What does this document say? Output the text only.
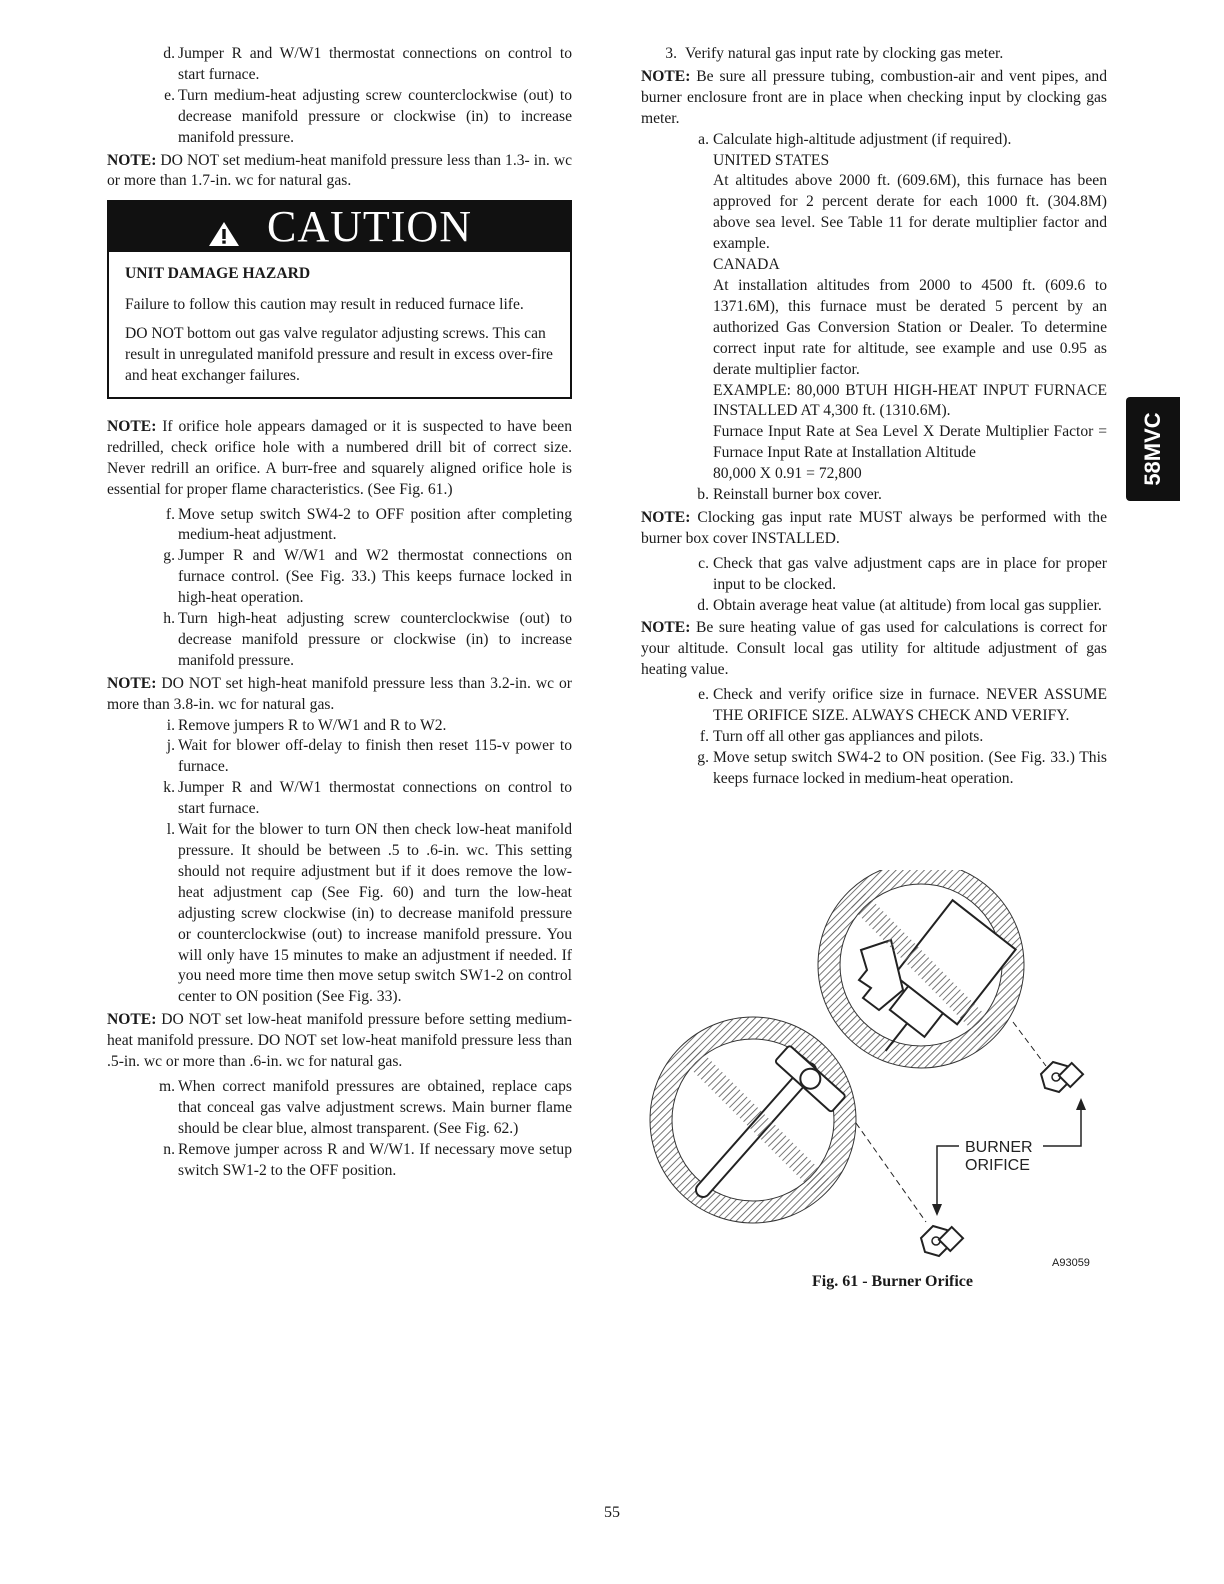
d. Jumper R and W/W1 thermostat connections on control to start furnace.
e. Turn medium-heat adjusting screw counterclockwise (out) to decrease manifold pressure or clockwise (in) to increase manifold pressure.
NOTE: DO NOT set medium-heat manifold pressure less than 1.3- in. wc or more than 1.7-in. wc for natural gas.
CAUTION

UNIT DAMAGE HAZARD

Failure to follow this caution may result in reduced furnace life.

DO NOT bottom out gas valve regulator adjusting screws. This can result in unregulated manifold pressure and result in excess over-fire and heat exchanger failures.

NOTE: If orifice hole appears damaged or it is suspected to have been redrilled, check orifice hole with a numbered drill bit of correct size. Never redrill an orifice. A burr-free and squarely aligned orifice hole is essential for proper flame characteristics. (See Fig. 61.)
f. Move setup switch SW4-2 to OFF position after completing medium-heat adjustment.
g. Jumper R and W/W1 and W2 thermostat connections on furnace control. (See Fig. 33.) This keeps furnace locked in high-heat operation.
h. Turn high-heat adjusting screw counterclockwise (out) to decrease manifold pressure or clockwise (in) to increase manifold pressure.
NOTE: DO NOT set high-heat manifold pressure less than 3.2-in. wc or more than 3.8-in. wc for natural gas.
i. Remove jumpers R to W/W1 and R to W2.
j. Wait for blower off-delay to finish then reset 115-v power to furnace.
k. Jumper R and W/W1 thermostat connections on control to start furnace.
l. Wait for the blower to turn ON then check low-heat manifold pressure. It should be between .5 to .6-in. wc. This setting should not require adjustment but if it does remove the low-heat adjustment cap (See Fig. 60) and turn the low-heat adjusting screw clockwise (in) to decrease manifold pressure or counterclockwise (out) to increase manifold pressure. You will only have 15 minutes to make an adjustment if needed. If you need more time then move setup switch SW1-2 on control center to ON position (See Fig. 33).
NOTE: DO NOT set low-heat manifold pressure before setting medium-heat manifold pressure. DO NOT set low-heat manifold pressure less than .5-in. wc or more than .6-in. wc for natural gas.
m. When correct manifold pressures are obtained, replace caps that conceal gas valve adjustment screws. Main burner flame should be clear blue, almost transparent. (See Fig. 62.)
n. Remove jumper across R and W/W1. If necessary move setup switch SW1-2 to the OFF position.
3. Verify natural gas input rate by clocking gas meter.
NOTE: Be sure all pressure tubing, combustion-air and vent pipes, and burner enclosure front are in place when checking input by clocking gas meter.
a. Calculate high-altitude adjustment (if required).
UNITED STATES
At altitudes above 2000 ft. (609.6M), this furnace has been approved for 2 percent derate for each 1000 ft. (304.8M) above sea level. See Table 11 for derate multiplier factor and example.
CANADA
At installation altitudes from 2000 to 4500 ft. (609.6 to 1371.6M), this furnace must be derated 5 percent by an authorized Gas Conversion Station or Dealer. To determine correct input rate for altitude, see example and use 0.95 as derate multiplier factor.
EXAMPLE: 80,000 BTUH HIGH-HEAT INPUT FURNACE INSTALLED AT 4,300 ft. (1310.6M).
Furnace Input Rate at Sea Level X Derate Multiplier Factor = Furnace Input Rate at Installation Altitude
80,000 X 0.91 = 72,800
b. Reinstall burner box cover.
NOTE: Clocking gas input rate MUST always be performed with the burner box cover INSTALLED.
c. Check that gas valve adjustment caps are in place for proper input to be clocked.
d. Obtain average heat value (at altitude) from local gas supplier.
NOTE: Be sure heating value of gas used for calculations is correct for your altitude. Consult local gas utility for altitude adjustment of gas heating value.
e. Check and verify orifice size in furnace. NEVER ASSUME THE ORIFICE SIZE. ALWAYS CHECK AND VERIFY.
f. Turn off all other gas appliances and pilots.
g. Move setup switch SW4-2 to ON position. (See Fig. 33.) This keeps furnace locked in medium-heat operation.
58MVC
BURNER
ORIFICE
A93059
Fig. 61 - Burner Orifice
55
